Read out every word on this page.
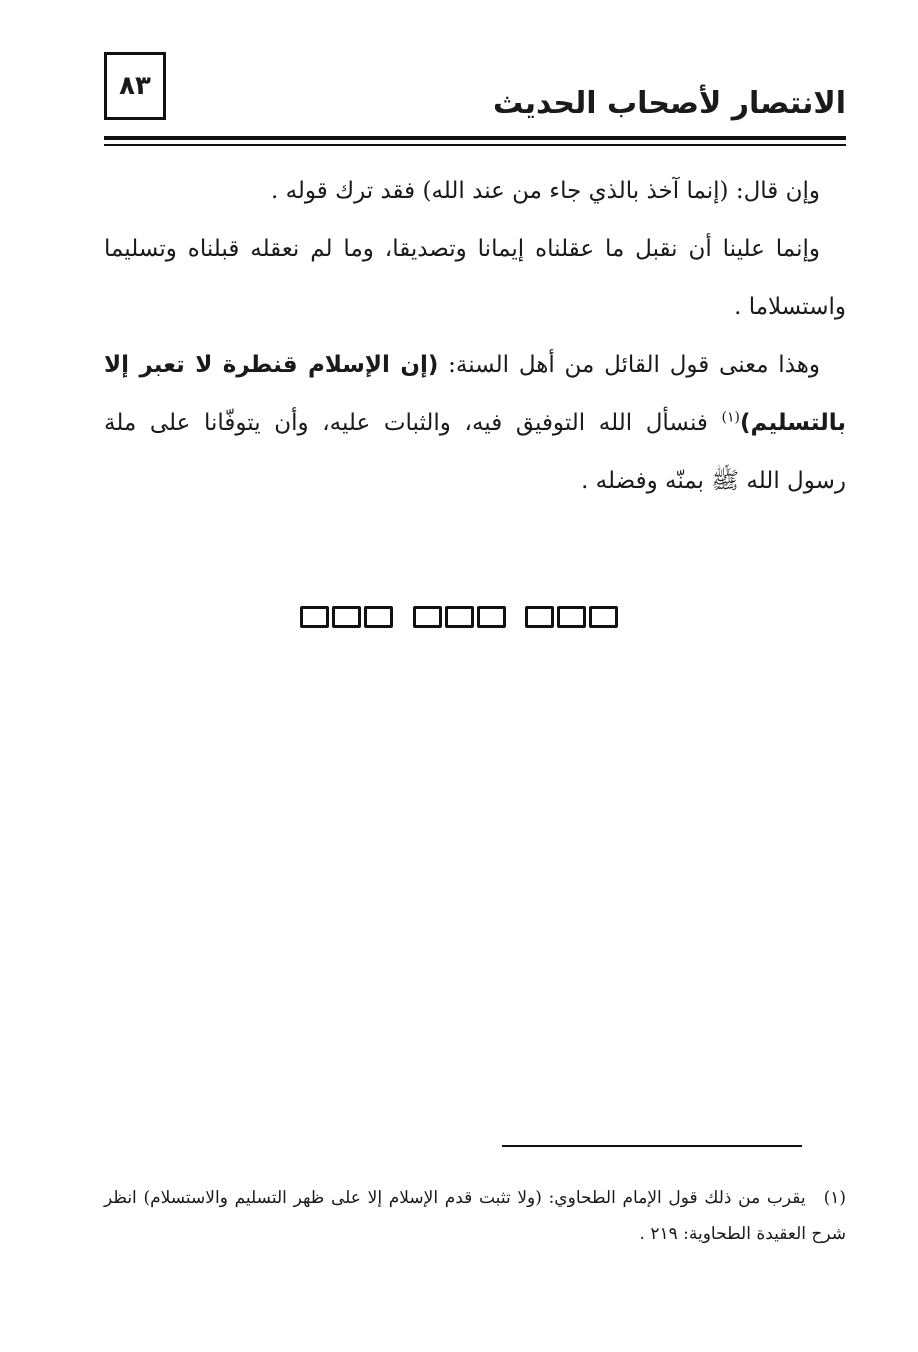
٨٣	الانتصار لأصحاب الحديث

وإن قال: (إنما آخذ بالذي جاء من عند الله) فقد ترك قوله .

وإنما علينا أن نقبل ما عقلناه إيمانا وتصديقا، وما لم نعقله قبلناه وتسليما واستسلاما .

وهذا معنى قول القائل من أهل السنة: (إن الإسلام قنطرة لا تعبر إلا بالتسليم)$^{(١)}$ فنسأل الله التوفيق فيه، والثبات عليه، وأن يتوفّانا على ملة رسول الله ﷺ بمنّه وفضله .

(١)يقرب من ذلك قول الإمام الطحاوي: (ولا تثبت قدم الإسلام إلا على ظهر التسليم والاستسلام) انظر شرح العقيدة الطحاوية: ٢١٩ .
